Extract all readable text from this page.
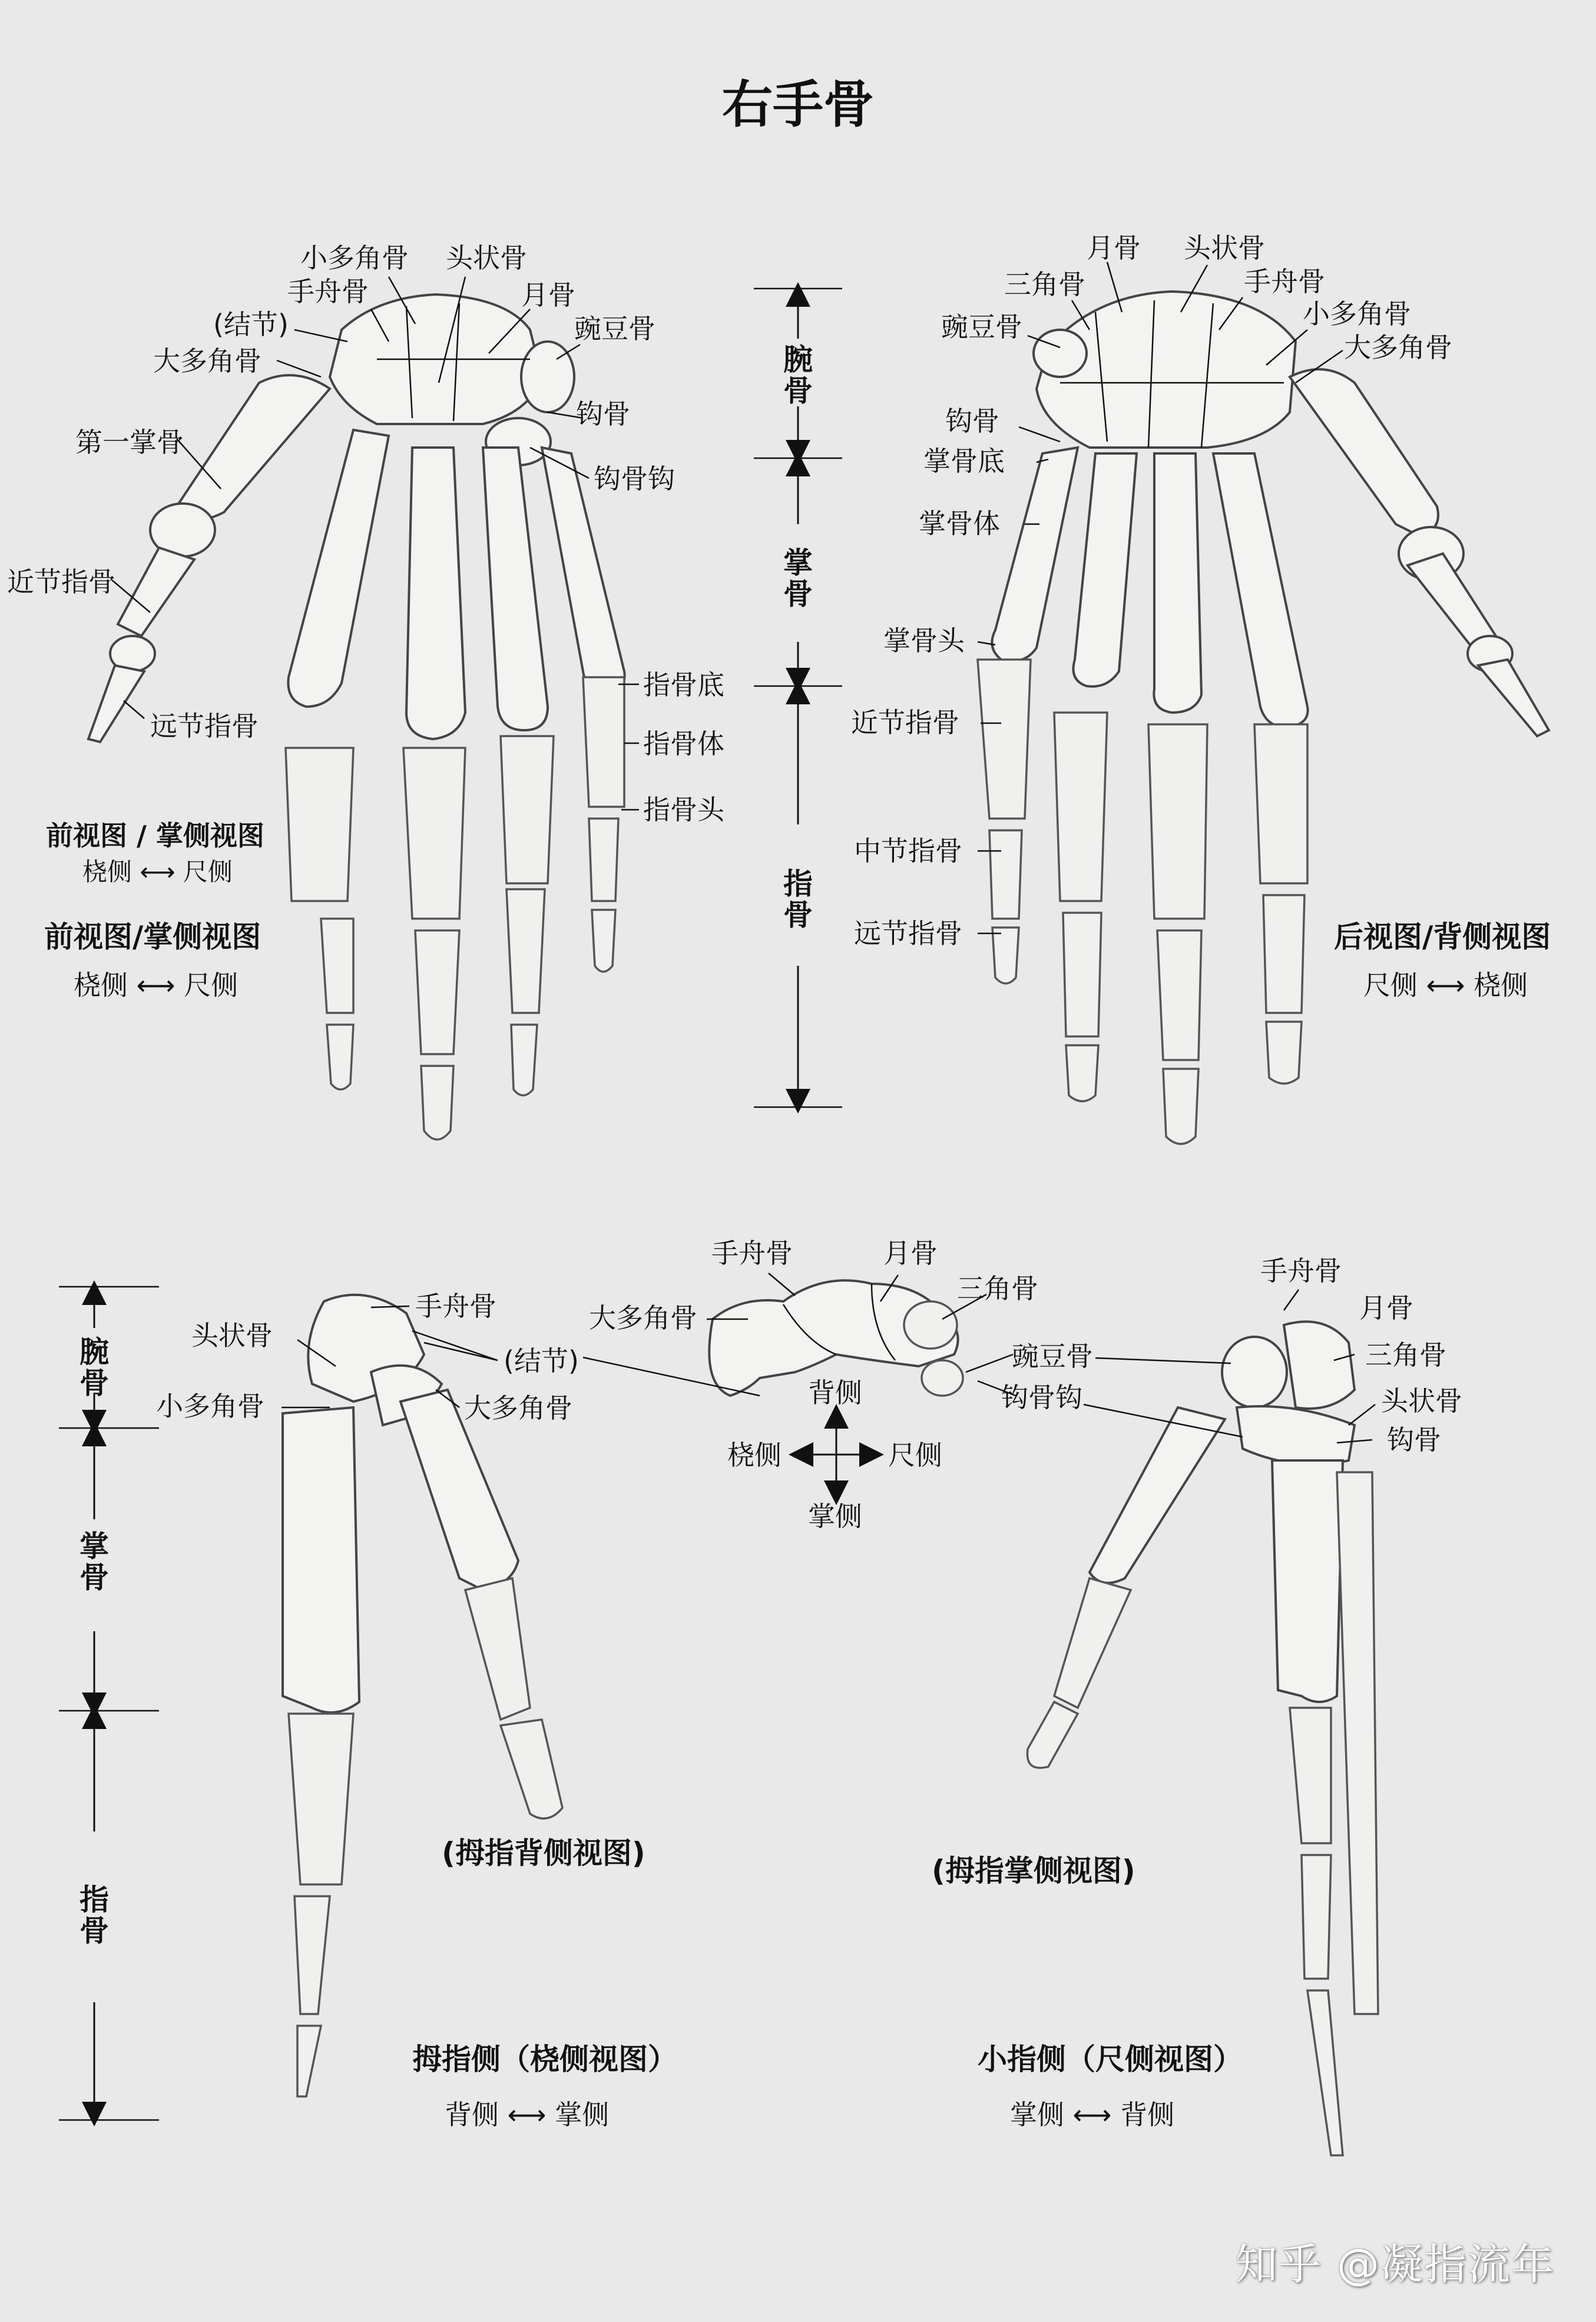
右手骨
小多角骨 头状骨
手舟骨	月骨
(结节)	豌豆骨
大多角骨
钩骨
第一掌骨
钩骨钩
近节指骨
远节指骨
指骨底
指骨体
指骨头
前视图 / 掌侧视图
桡侧 ⟷ 尺侧
前视图/掌侧视图
桡侧 ⟷ 尺侧
腕骨
掌骨
指骨
月骨 头状骨
三角骨	手舟骨
豌豆骨	小多角骨
大多角骨
钩骨
掌骨底
掌骨体
掌骨头
近节指骨
中节指骨
远节指骨	后视图/背侧视图
尺侧 ⟷ 桡侧
腕骨
掌骨
指骨
手舟骨
头状骨
(结节)
小多角骨	大多角骨
(拇指背侧视图)
手舟骨	月骨
三角骨
大多角骨
豌豆骨
钩骨钩
背侧
桡侧	尺侧
掌侧
手舟骨
月骨
三角骨
头状骨
钩骨
(拇指掌侧视图)
拇指侧（桡侧视图）
背侧 ⟷ 掌侧
小指侧（尺侧视图）
掌侧 ⟷ 背侧
知乎 @凝指流年
